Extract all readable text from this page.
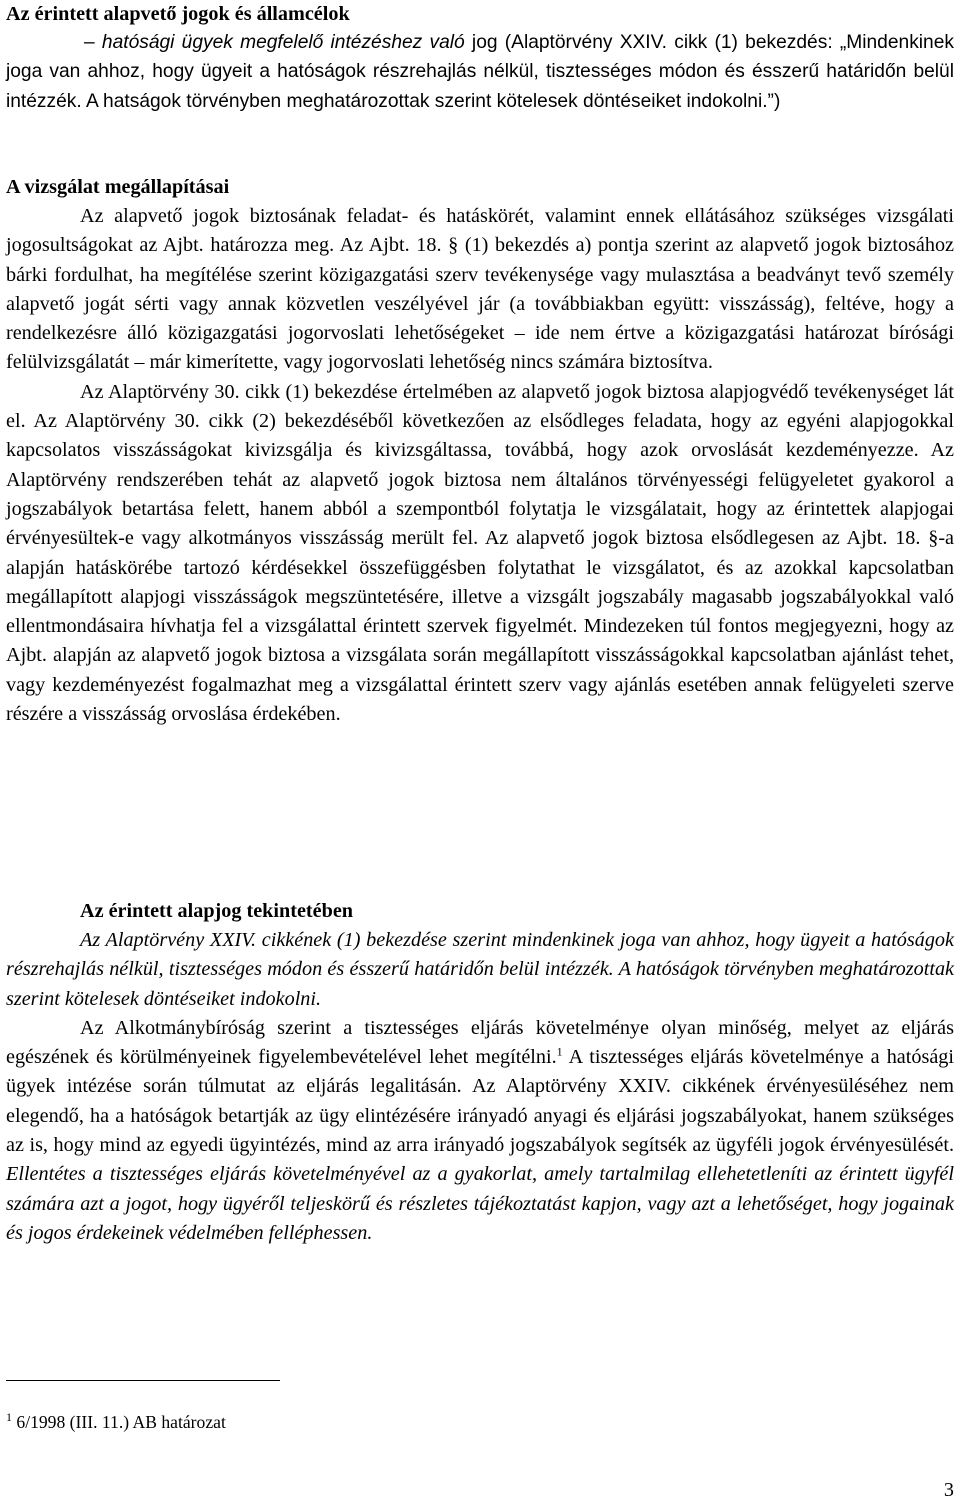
Az érintett alapvető jogok és államcélok

– hatósági ügyek megfelelő intézéshez való jog (Alaptörvény XXIV. cikk (1) bekezdés: „Mindenkinek joga van ahhoz, hogy ügyeit a hatóságok részrehajlás nélkül, tisztességes módon és ésszerű határidőn belül intézzék. A hatságok törvényben meghatározottak szerint kötelesek döntéseiket indokolni.”)

A vizsgálat megállapításai

Az alapvető jogok biztosának feladat- és hatáskörét, valamint ennek ellátásához szükséges vizsgálati jogosultságokat az Ajbt. határozza meg. Az Ajbt. 18. § (1) bekezdés a) pontja szerint az alapvető jogok biztosához bárki fordulhat, ha megítélése szerint közigazgatási szerv tevékenysége vagy mulasztása a beadványt tevő személy alapvető jogát sérti vagy annak közvetlen veszélyével jár (a továbbiakban együtt: visszásság), feltéve, hogy a rendelkezésre álló közigazgatási jogorvoslati lehetőségeket – ide nem értve a közigazgatási határozat bírósági felülvizsgálatát – már kimerítette, vagy jogorvoslati lehetőség nincs számára biztosítva.

Az Alaptörvény 30. cikk (1) bekezdése értelmében az alapvető jogok biztosa alapjogvédő tevékenységet lát el. Az Alaptörvény 30. cikk (2) bekezdéséből következően az elsődleges feladata, hogy az egyéni alapjogokkal kapcsolatos visszásságokat kivizsgálja és kivizsgáltassa, továbbá, hogy azok orvoslását kezdeményezze. Az Alaptörvény rendszerében tehát az alapvető jogok biztosa nem általános törvényességi felügyeletet gyakorol a jogszabályok betartása felett, hanem abból a szempontból folytatja le vizsgálatait, hogy az érintettek alapjogai érvényesültek-e vagy alkotmányos visszásság merült fel. Az alapvető jogok biztosa elsődlegesen az Ajbt. 18. §-a alapján hatáskörébe tartozó kérdésekkel összefüggésben folytathat le vizsgálatot, és az azokkal kapcsolatban megállapított alapjogi visszásságok megszüntetésére, illetve a vizsgált jogszabály magasabb jogszabályokkal való ellentmondásaira hívhatja fel a vizsgálattal érintett szervek figyelmét. Mindezeken túl fontos megjegyezni, hogy az Ajbt. alapján az alapvető jogok biztosa a vizsgálata során megállapított visszásságokkal kapcsolatban ajánlást tehet, vagy kezdeményezést fogalmazhat meg a vizsgálattal érintett szerv vagy ajánlás esetében annak felügyeleti szerve részére a visszásság orvoslása érdekében.

Az érintett alapjog tekintetében

Az Alaptörvény XXIV. cikkének (1) bekezdése szerint mindenkinek joga van ahhoz, hogy ügyeit a hatóságok részrehajlás nélkül, tisztességes módon és ésszerű határidőn belül intézzék. A hatóságok törvényben meghatározottak szerint kötelesek döntéseiket indokolni.

Az Alkotmánybíróság szerint a tisztességes eljárás követelménye olyan minőség, melyet az eljárás egészének és körülményeinek figyelembevételével lehet megítélni.$^1$ A tisztességes eljárás követelménye a hatósági ügyek intézése során túlmutat az eljárás legalitásán. Az Alaptörvény XXIV. cikkének érvényesüléséhez nem elegendő, ha a hatóságok betartják az ügy elintézésére irányadó anyagi és eljárási jogszabályokat, hanem szükséges az is, hogy mind az egyedi ügyintézés, mind az arra irányadó jogszabályok segítsék az ügyféli jogok érvényesülését. Ellentétes a tisztességes eljárás követelményével az a gyakorlat, amely tartalmilag ellehetetleníti az érintett ügyfél számára azt a jogot, hogy ügyéről teljeskörű és részletes tájékoztatást kapjon, vagy azt a lehetőséget, hogy jogainak és jogos érdekeinek védelmében felléphessen.

$^1$ 6/1998 (III. 11.) AB határozat
3
